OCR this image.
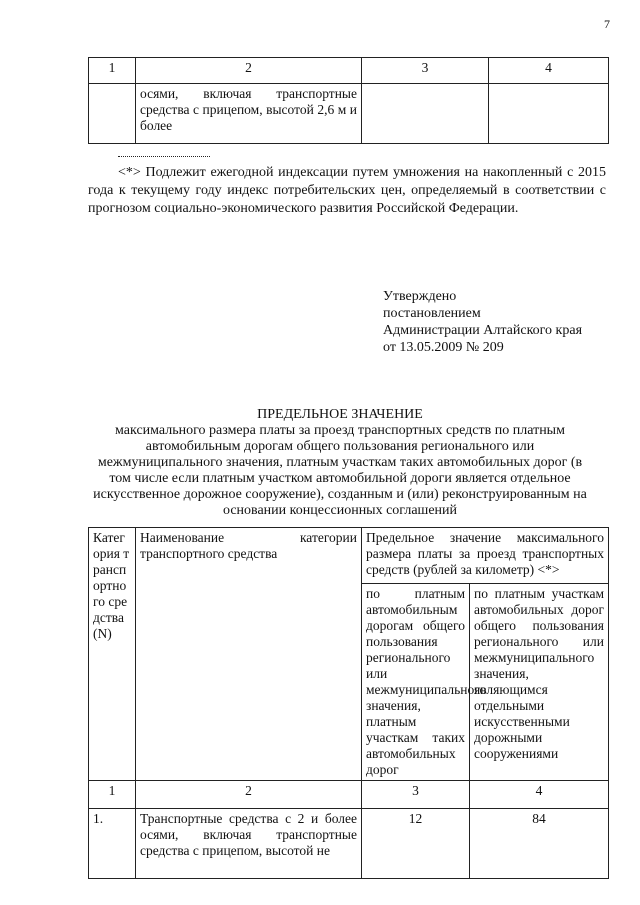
7
1	2	3	4
	осями, включая транспортные средства с прицепом, высотой 2,6 м и более		
<*> Подлежит ежегодной индексации путем умножения на накопленный с 2015 года к текущему году индекс потребительских цен, определяемый в соответствии с прогнозом социально-экономического развития Российской Федерации.
Утверждено
постановлением
Администрации Алтайского края
от 13.05.2009 № 209
ПРЕДЕЛЬНОЕ ЗНАЧЕНИЕ
максимального размера платы за проезд транспортных средств по платным автомобильным дорогам общего пользования регионального или межмуниципального значения, платным участкам таких автомобильных дорог (в том числе если платным участком автомобильной дороги является отдельное искусственное дорожное сооружение), созданным и (или) реконструированным на основании концессионных соглашений
Категория транспортного средства (N)	Наименование категории транспортного средства	Предельное значение максимального размера платы за проезд транспортных средств (рублей за километр) <*>	
		по платным автомобильным дорогам общего пользования регионального или межмуниципального значения, платным участкам таких автомобильных дорог	по платным участкам автомобильных дорог общего пользования регионального или межмуниципального значения, являющимся отдельными искусственными дорожными сооружениями
1	2	3	4
1.	Транспортные средства с 2 и более осями, включая транспортные средства с прицепом, высотой не	12	84
